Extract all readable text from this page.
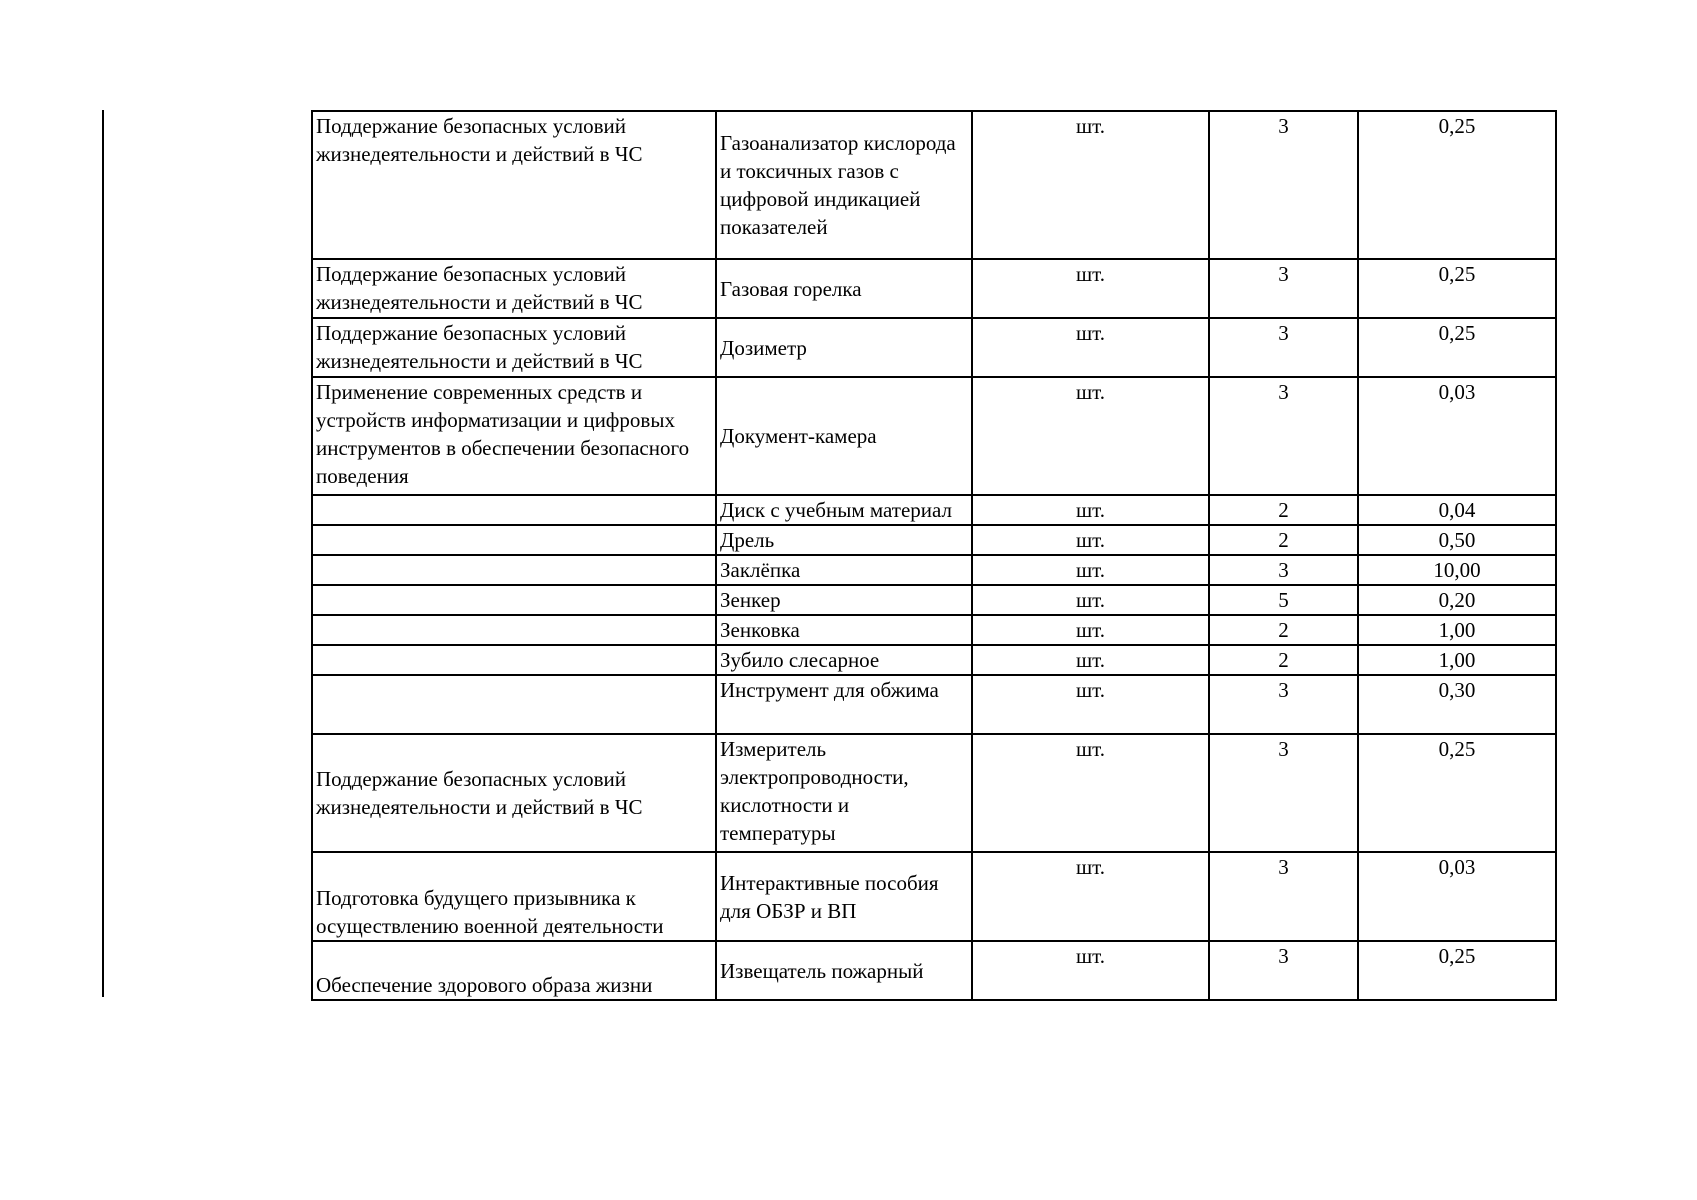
Поддержание безопасных условий жизнедеятельности и действий в ЧС	Газоанализатор кислорода и токсичных газов с цифровой индикацией показателей	шт.	3	0,25
Поддержание безопасных условий жизнедеятельности и действий в ЧС	Газовая горелка	шт.	3	0,25
Поддержание безопасных условий жизнедеятельности и действий в ЧС	Дозиметр	шт.	3	0,25
Применение современных средств и устройств информатизации и цифровых инструментов в обеспечении безопасного поведения	Документ-камера	шт.	3	0,03
	Диск с учебным материал	шт.	2	0,04
	Дрель	шт.	2	0,50
	Заклёпка	шт.	3	10,00
	Зенкер	шт.	5	0,20
	Зенковка	шт.	2	1,00
	Зубило слесарное	шт.	2	1,00
	Инструмент для обжима	шт.	3	0,30
Поддержание безопасных условий жизнедеятельности и действий в ЧС	Измеритель электропроводности, кислотности и температуры	шт.	3	0,25
Подготовка будущего призывника к осуществлению военной деятельности	Интерактивные пособия для ОБЗР и ВП	шт.	3	0,03
Обеспечение здорового образа жизни	Извещатель пожарный	шт.	3	0,25
